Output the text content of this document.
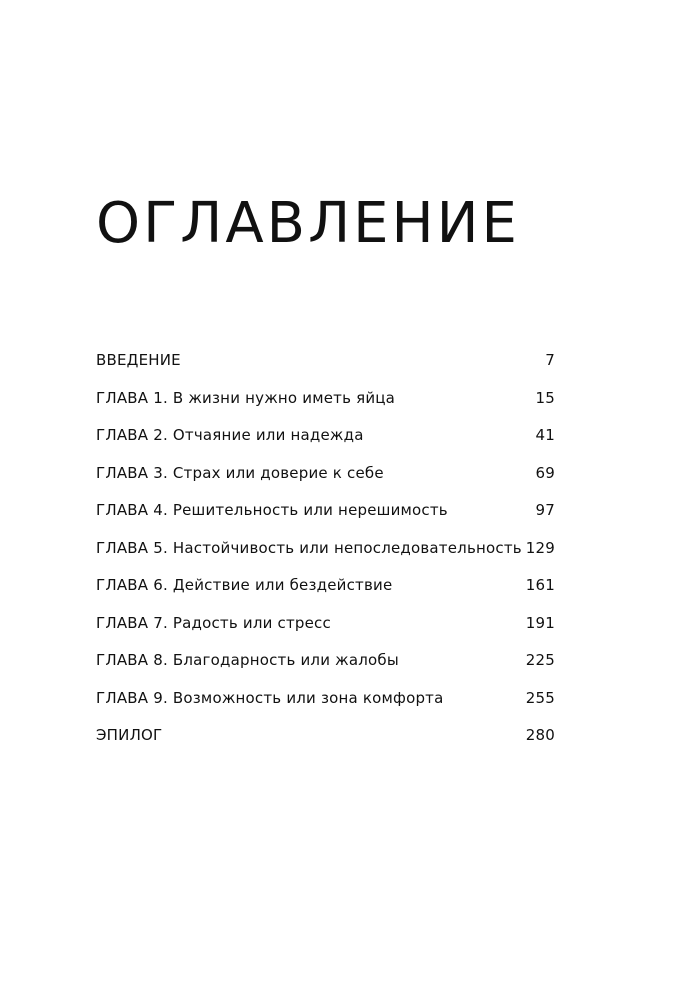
ОГЛАВЛЕНИЕ
ВВЕДЕНИЕ	7
ГЛАВА 1. В жизни нужно иметь яйца	15
ГЛАВА 2. Отчаяние или надежда	41
ГЛАВА 3. Страх или доверие к себе	69
ГЛАВА 4. Решительность или нерешимость	97
ГЛАВА 5. Настойчивость или непоследовательность 129
ГЛАВА 6. Действие или бездействие	161
ГЛАВА 7. Радость или стресс	191
ГЛАВА 8. Благодарность или жалобы	225
ГЛАВА 9. Возможность или зона комфорта	255
ЭПИЛОГ	280
